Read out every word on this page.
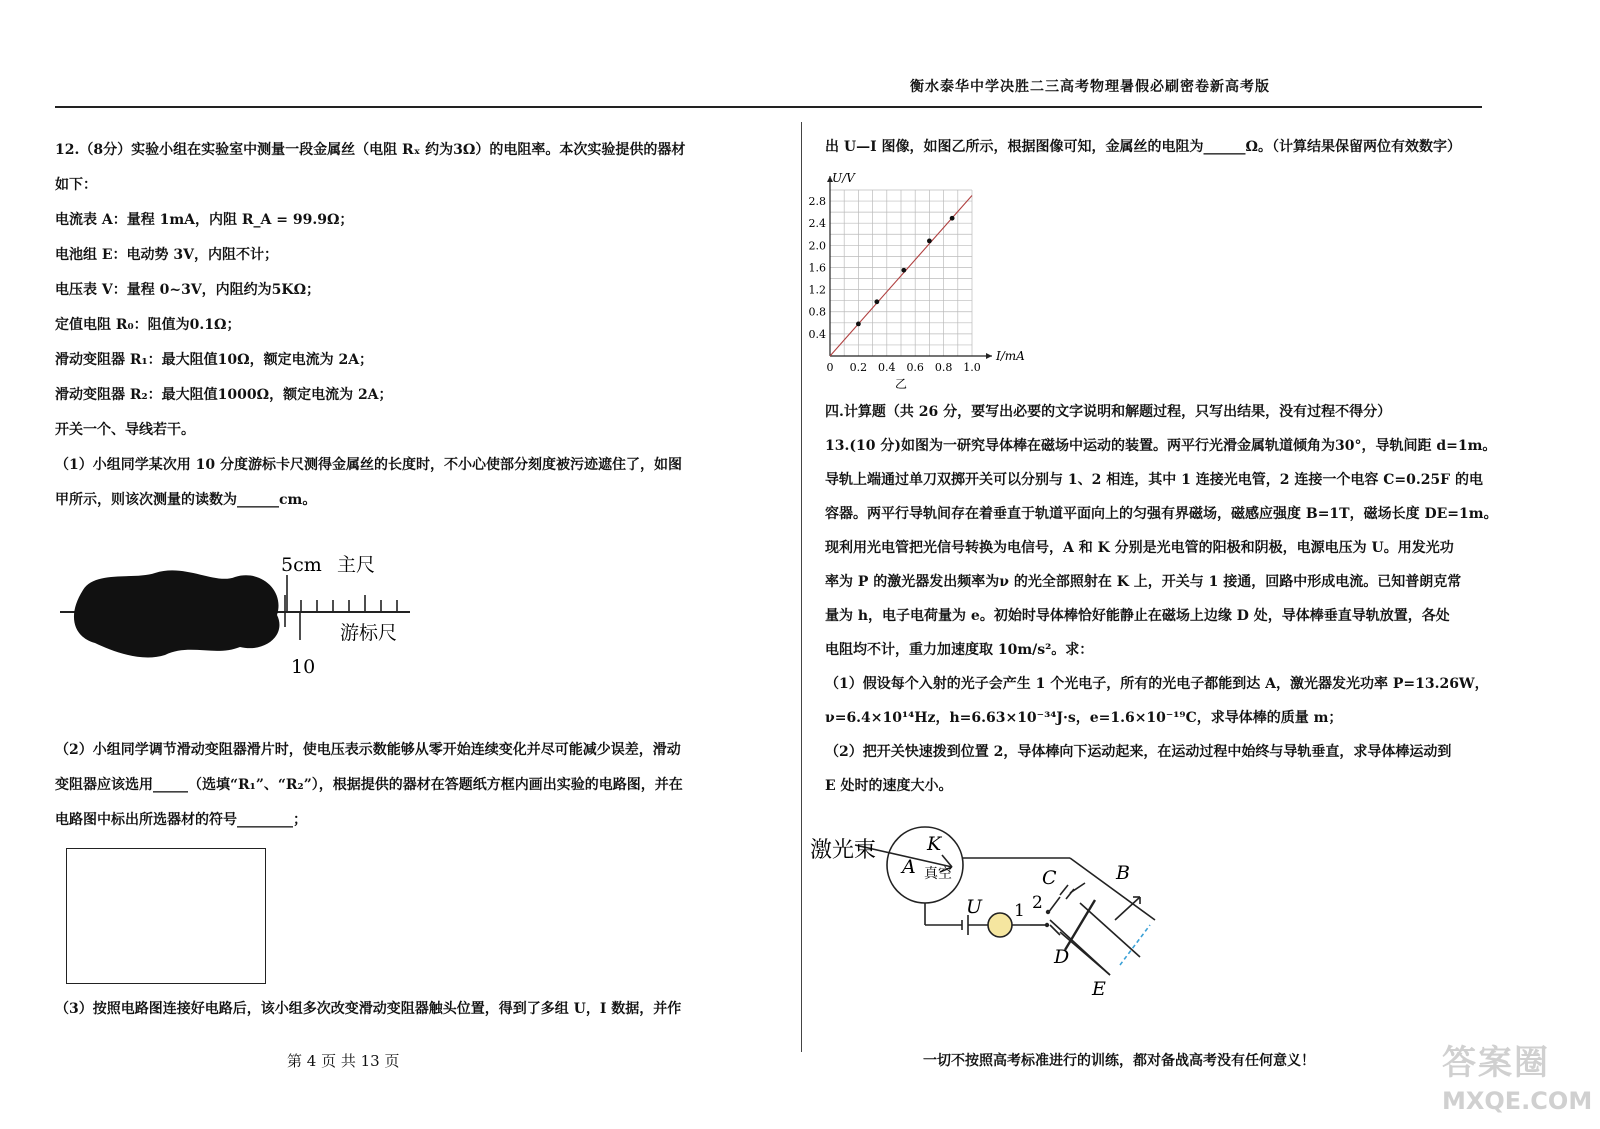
衡水泰华中学决胜二三高考物理暑假必刷密卷新高考版

12.（8分）实验小组在实验室中测量一段金属丝（电阻 Rₓ 约为3Ω）的电阻率。本次实验提供的器材

如下：

电流表 A：量程 1mA，内阻 R_A = 99.9Ω；

电池组 E：电动势 3V，内阻不计；

电压表 V：量程 0~3V，内阻约为5KΩ；

定值电阻 R₀：阻值为0.1Ω；

滑动变阻器 R₁：最大阻值10Ω，额定电流为 2A；

滑动变阻器 R₂：最大阻值1000Ω，额定电流为 2A；

开关一个、导线若干。

（1）小组同学某次用 10 分度游标卡尺测得金属丝的长度时，不小心使部分刻度被污迹遮住了，如图

甲所示，则该次测量的读数为______cm。

5cm 主尺
游标尺
10

（2）小组同学调节滑动变阻器滑片时，使电压表示数能够从零开始连续变化并尽可能减少误差，滑动

变阻器应该选用_____（选填“R₁”、“R₂”），根据提供的器材在答题纸方框内画出实验的电路图，并在

电路图中标出所选器材的符号________；

（3）按照电路图连接好电路后，该小组多次改变滑动变阻器触头位置，得到了多组 U，I 数据，并作

出 U—I 图像，如图乙所示，根据图像可知，金属丝的电阻为______Ω。（计算结果保留两位有效数字）

0 0.2 0.4 0.6 0.8 1.0
0.4
0.8
1.2
1.6
2.0
2.4
2.8
U/V
I/mA
乙

四.计算题（共 26 分，要写出必要的文字说明和解题过程，只写出结果，没有过程不得分）

13.(10 分)如图为一研究导体棒在磁场中运动的装置。两平行光滑金属轨道倾角为30°，导轨间距 d=1m。

导轨上端通过单刀双掷开关可以分别与 1、2 相连，其中 1 连接光电管，2 连接一个电容 C=0.25F 的电

容器。两平行导轨间存在着垂直于轨道平面向上的匀强有界磁场，磁感应强度 B=1T，磁场长度 DE=1m。

现利用光电管把光信号转换为电信号，A 和 K 分别是光电管的阳极和阴极，电源电压为 U。用发光功

率为 P 的激光器发出频率为ν 的光全部照射在 K 上，开关与 1 接通，回路中形成电流。已知普朗克常

量为 h，电子电荷量为 e。初始时导体棒恰好能静止在磁场上边缘 D 处，导体棒垂直导轨放置，各处

电阻均不计，重力加速度取 10m/s²。求：

（1）假设每个入射的光子会产生 1 个光电子，所有的光电子都能到达 A，激光器发光功率 P=13.26W，

ν=6.4×10¹⁴Hz，h=6.63×10⁻³⁴J·s，e=1.6×10⁻¹⁹C，求导体棒的质量 m；

（2）把开关快速拨到位置 2，导体棒向下运动起来，在运动过程中始终与导轨垂直，求导体棒运动到

E 处时的速度大小。

激光束	K
A 真空	C	B
U 1 2
D
E
第 4 页 共 13 页	一切不按照高考标准进行的训练，都对备战高考没有任何意义！	答案圈
MXQE.COM
